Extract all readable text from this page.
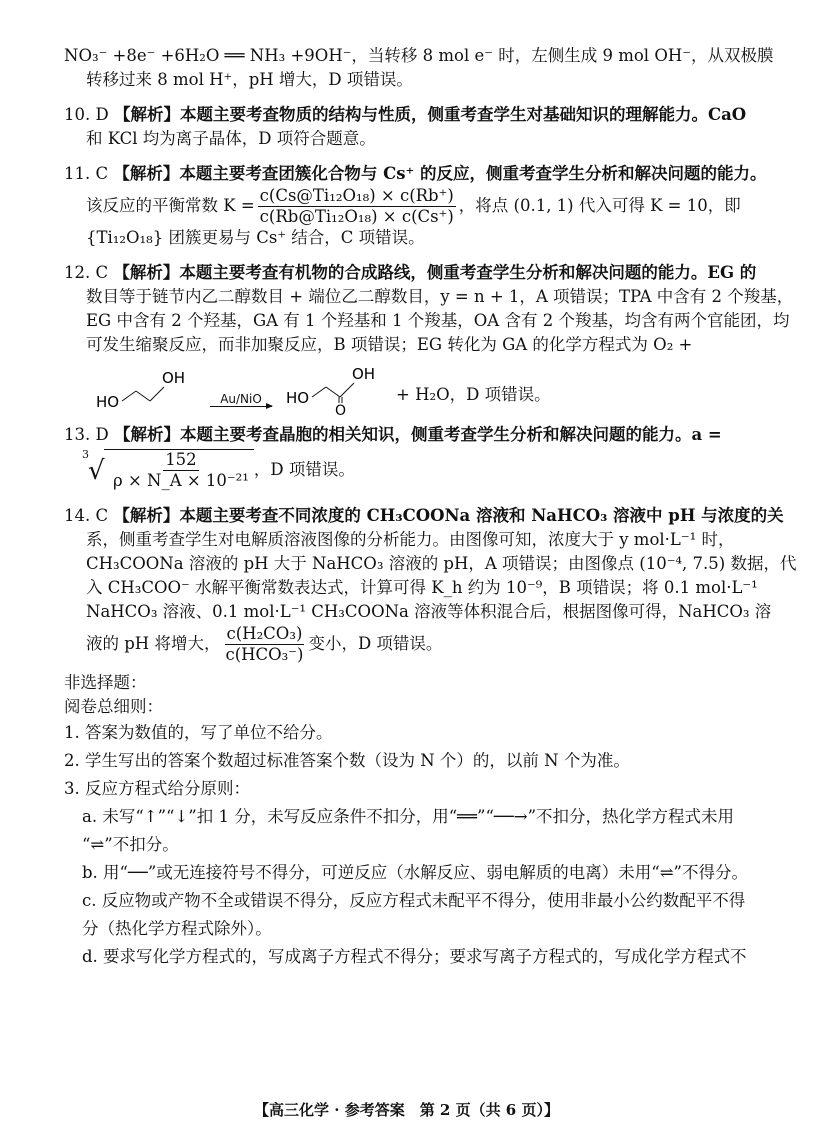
NO₃⁻ +8e⁻ +6H₂O ══ NH₃ +9OH⁻，当转移 8 mol e⁻ 时，左侧生成 9 mol OH⁻，从双极膜

转移过来 8 mol H⁺，pH 增大，D 项错误。

10. D 【解析】本题主要考查物质的结构与性质，侧重考查学生对基础知识的理解能力。CaO

和 KCl 均为离子晶体，D 项符合题意。

11. C 【解析】本题主要考查团簇化合物与 Cs⁺ 的反应，侧重考查学生分析和解决问题的能力。

该反应的平衡常数 $K = \frac{\text{c(Cs@Ti₁₂O₁₈) × c(Rb⁺)}}{\text{c(Rb@Ti₁₂O₁₈) × c(Cs⁺)}}$ ，将点 (0.1, 1) 代入可得 K = 10，即

{Ti₁₂O₁₈} 团簇更易与 Cs⁺ 结合，C 项错误。

12. C 【解析】本题主要考查有机物的合成路线，侧重考查学生分析和解决问题的能力。EG 的

数目等于链节内乙二醇数目 + 端位乙二醇数目，y = n + 1，A 项错误；TPA 中含有 2 个羧基，

EG 中含有 2 个羟基，GA 有 1 个羟基和 1 个羧基，OA 含有 2 个羧基，均含有两个官能团，均

可发生缩聚反应，而非加聚反应，B 项错误；EG 转化为 GA 的化学方程式为 O₂ +

HO
OH
Au/NiO HO
OH
O
+ H₂O，D 项错误。

13. D 【解析】本题主要考查晶胞的相关知识，侧重考查学生分析和解决问题的能力。a =

3
√ $\frac{152}{\text{ρ × N\_A × 10⁻²¹}}$ ，D 项错误。

14. C 【解析】本题主要考查不同浓度的 CH₃COONa 溶液和 NaHCO₃ 溶液中 pH 与浓度的关

系，侧重考查学生对电解质溶液图像的分析能力。由图像可知，浓度大于 y mol·L⁻¹ 时，

CH₃COONa 溶液的 pH 大于 NaHCO₃ 溶液的 pH，A 项错误；由图像点 (10⁻⁴, 7.5) 数据，代

入 CH₃COO⁻ 水解平衡常数表达式，计算可得 K_h 约为 10⁻⁹，B 项错误；将 0.1 mol·L⁻¹

NaHCO₃ 溶液、0.1 mol·L⁻¹ CH₃COONa 溶液等体积混合后，根据图像可得，NaHCO₃ 溶

液的 pH 将增大， $\frac{\text{c(H₂CO₃)}}{\text{c(HCO₃⁻)}}$ 变小，D 项错误。

非选择题：

阅卷总细则：

1. 答案为数值的，写了单位不给分。

2. 学生写出的答案个数超过标准答案个数（设为 N 个）的，以前 N 个为准。

3. 反应方程式给分原则：

a. 未写“↑”“↓”扣 1 分，未写反应条件不扣分，用“══”“──→”不扣分，热化学方程式未用

“⇌”不扣分。

b. 用“──”或无连接符号不得分，可逆反应（水解反应、弱电解质的电离）未用“⇌”不得分。

c. 反应物或产物不全或错误不得分，反应方程式未配平不得分，使用非最小公约数配平不得

分（热化学方程式除外）。

d. 要求写化学方程式的，写成离子方程式不得分；要求写离子方程式的，写成化学方程式不

【高三化学 · 参考答案　第 2 页（共 6 页）】
